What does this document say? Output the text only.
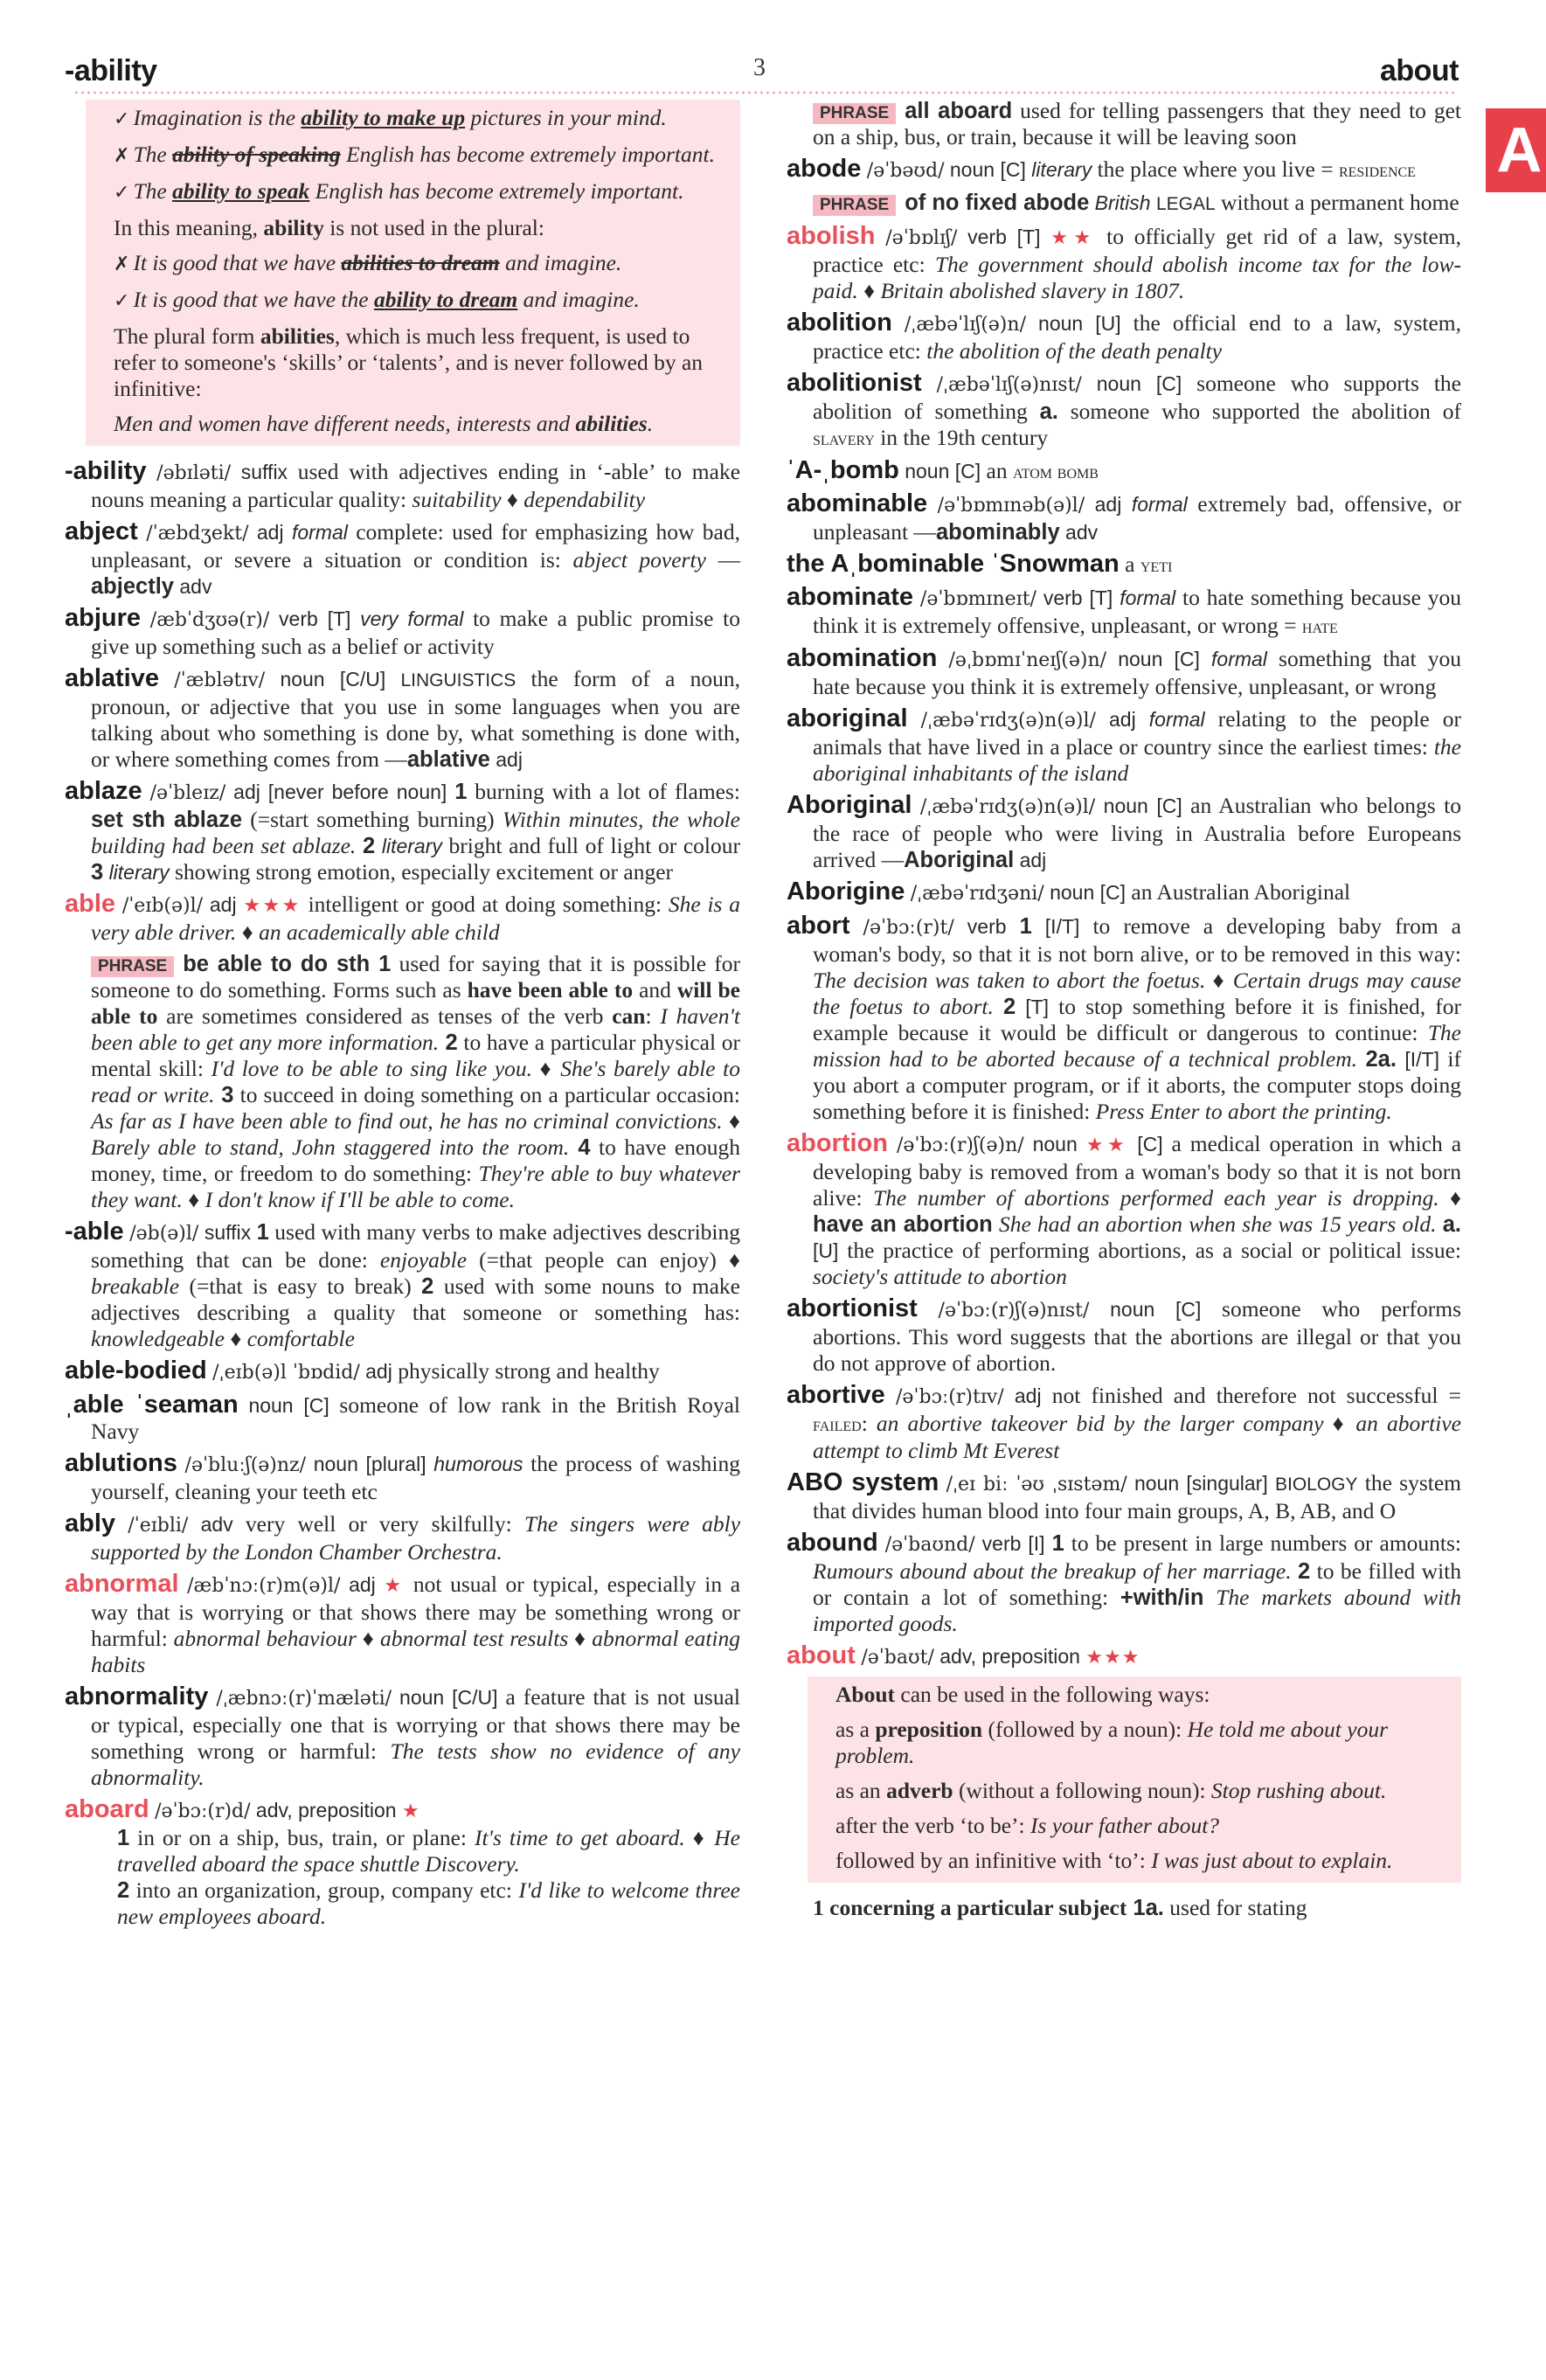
-ability	3	about
A

✓ Imagination is the ability to make up pictures in your mind.

✗ The ability of speaking English has become extremely important.

✓ The ability to speak English has become extremely important.

In this meaning, ability is not used in the plural:

✗ It is good that we have abilities to dream and imagine.

✓ It is good that we have the ability to dream and imagine.

The plural form abilities, which is much less frequent, is used to refer to someone's ‘skills’ or ‘talents’, and is never followed by an infinitive:

Men and women have different needs, interests and abilities.

-ability /əbɪləti/ suffix used with adjectives ending in ‘-able’ to make nouns meaning a particular quality: suitability ♦ dependability
abject /ˈæbdʒekt/ adj formal complete: used for emphasizing how bad, unpleasant, or severe a situation or condition is: abject poverty —abjectly adv
abjure /æbˈdʒʊə(r)/ verb [T] very formal to make a public promise to give up something such as a belief or activity
ablative /ˈæblətɪv/ noun [C/U] LINGUISTICS the form of a noun, pronoun, or adjective that you use in some languages when you are talking about who something is done by, what something is done with, or where something comes from —ablative adj
ablaze /əˈbleɪz/ adj [never before noun] 1 burning with a lot of flames: set sth ablaze (=start something burning) Within minutes, the whole building had been set ablaze. 2 literary bright and full of light or colour 3 literary showing strong emotion, especially excitement or anger
able /ˈeɪb(ə)l/ adj ★★★ intelligent or good at doing something: She is a very able driver. ♦ an academically able child
PHRASE be able to do sth 1 used for saying that it is possible for someone to do something. Forms such as have been able to and will be able to are sometimes considered as tenses of the verb can: I haven't been able to get any more information. 2 to have a particular physical or mental skill: I'd love to be able to sing like you. ♦ She's barely able to read or write. 3 to succeed in doing something on a particular occasion: As far as I have been able to find out, he has no criminal convictions. ♦ Barely able to stand, John staggered into the room. 4 to have enough money, time, or freedom to do something: They're able to buy whatever they want. ♦ I don't know if I'll be able to come.
-able /əb(ə)l/ suffix 1 used with many verbs to make adjectives describing something that can be done: enjoyable (=that people can enjoy) ♦ breakable (=that is easy to break) 2 used with some nouns to make adjectives describing a quality that someone or something has: knowledgeable ♦ comfortable
able-bodied /ˌeɪb(ə)l ˈbɒdid/ adj physically strong and healthy
ˌable ˈseaman noun [C] someone of low rank in the British Royal Navy
ablutions /əˈbluːʃ(ə)nz/ noun [plural] humorous the process of washing yourself, cleaning your teeth etc
ably /ˈeɪbli/ adv very well or very skilfully: The singers were ably supported by the London Chamber Orchestra.
abnormal /æbˈnɔː(r)m(ə)l/ adj ★ not usual or typical, especially in a way that is worrying or that shows there may be something wrong or harmful: abnormal behaviour ♦ abnormal test results ♦ abnormal eating habits
abnormality /ˌæbnɔː(r)ˈmæləti/ noun [C/U] a feature that is not usual or typical, especially one that is worrying or that shows there may be something wrong or harmful: The tests show no evidence of any abnormality.
aboard /əˈbɔː(r)d/ adv, preposition ★
1 in or on a ship, bus, train, or plane: It's time to get aboard. ♦ He travelled aboard the space shuttle Discovery.
2 into an organization, group, company etc: I'd like to welcome three new employees aboard.
PHRASE all aboard used for telling passengers that they need to get on a ship, bus, or train, because it will be leaving soon
abode /əˈbəʊd/ noun [C] literary the place where you live = residence
PHRASE of no fixed abode British LEGAL without a permanent home
abolish /əˈbɒlɪʃ/ verb [T] ★★ to officially get rid of a law, system, practice etc: The government should abolish income tax for the low-paid. ♦ Britain abolished slavery in 1807.
abolition /ˌæbəˈlɪʃ(ə)n/ noun [U] the official end to a law, system, practice etc: the abolition of the death penalty
abolitionist /ˌæbəˈlɪʃ(ə)nɪst/ noun [C] someone who supports the abolition of something a. someone who supported the abolition of slavery in the 19th century
ˈA-ˌbomb noun [C] an atom bomb
abominable /əˈbɒmɪnəb(ə)l/ adj formal extremely bad, offensive, or unpleasant —abominably adv
the Aˌbominable ˈSnowman a yeti
abominate /əˈbɒmɪneɪt/ verb [T] formal to hate something because you think it is extremely offensive, unpleasant, or wrong = hate
abomination /əˌbɒmɪˈneɪʃ(ə)n/ noun [C] formal something that you hate because you think it is extremely offensive, unpleasant, or wrong
aboriginal /ˌæbəˈrɪdʒ(ə)n(ə)l/ adj formal relating to the people or animals that have lived in a place or country since the earliest times: the aboriginal inhabitants of the island
Aboriginal /ˌæbəˈrɪdʒ(ə)n(ə)l/ noun [C] an Australian who belongs to the race of people who were living in Australia before Europeans arrived —Aboriginal adj
Aborigine /ˌæbəˈrɪdʒəni/ noun [C] an Australian Aboriginal
abort /əˈbɔː(r)t/ verb 1 [I/T] to remove a developing baby from a woman's body, so that it is not born alive, or to be removed in this way: The decision was taken to abort the foetus. ♦ Certain drugs may cause the foetus to abort. 2 [T] to stop something before it is finished, for example because it would be difficult or dangerous to continue: The mission had to be aborted because of a technical problem. 2a. [I/T] if you abort a computer program, or if it aborts, the computer stops doing something before it is finished: Press Enter to abort the printing.
abortion /əˈbɔː(r)ʃ(ə)n/ noun ★★ [C] a medical operation in which a developing baby is removed from a woman's body so that it is not born alive: The number of abortions performed each year is dropping. ♦ have an abortion She had an abortion when she was 15 years old. a. [U] the practice of performing abortions, as a social or political issue: society's attitude to abortion
abortionist /əˈbɔː(r)ʃ(ə)nɪst/ noun [C] someone who performs abortions. This word suggests that the abortions are illegal or that you do not approve of abortion.
abortive /əˈbɔː(r)tɪv/ adj not finished and therefore not successful = failed: an abortive takeover bid by the larger company ♦ an abortive attempt to climb Mt Everest
ABO system /ˌeɪ biː ˈəʊ ˌsɪstəm/ noun [singular] BIOLOGY the system that divides human blood into four main groups, A, B, AB, and O
abound /əˈbaʊnd/ verb [I] 1 to be present in large numbers or amounts: Rumours abound about the breakup of her marriage. 2 to be filled with or contain a lot of something: +with/in The markets abound with imported goods.
about /əˈbaʊt/ adv, preposition ★★★

About can be used in the following ways:

as a preposition (followed by a noun): He told me about your problem.

as an adverb (without a following noun): Stop rushing about.

after the verb ‘to be’: Is your father about?

followed by an infinitive with ‘to’: I was just about to explain.

1 concerning a particular subject 1a. used for stating
